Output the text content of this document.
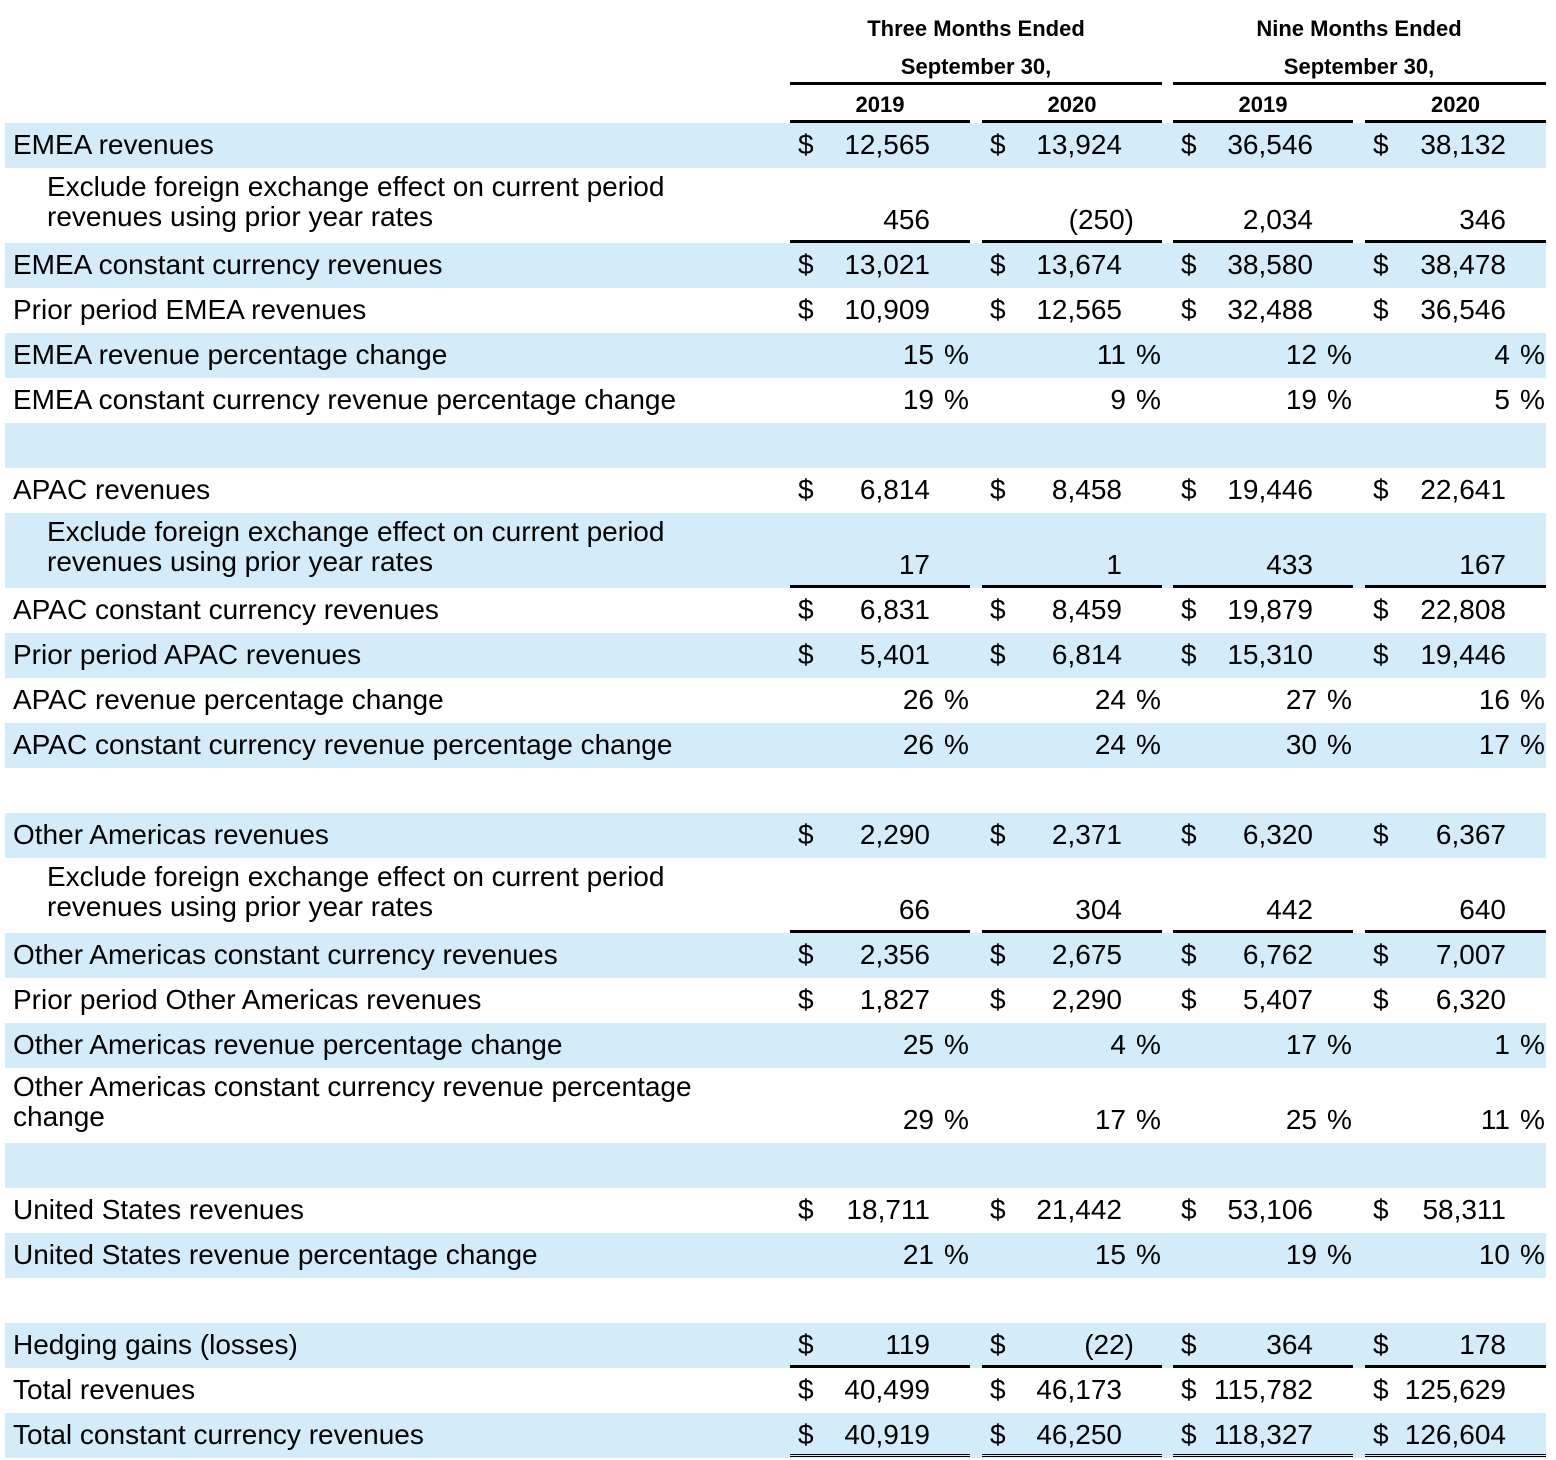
Three Months Ended
September 30,
Nine Months Ended
September 30,
2019	2020	2019	2020
EMEA revenues	$	12,565 $	13,924 $	36,546 $	38,132
Exclude foreign exchange effect on current period
revenues using prior year rates	456	(250)	2,034	346
EMEA constant currency revenues	$	13,021 $	13,674 $	38,580 $	38,478
Prior period EMEA revenues	$	10,909 $	12,565 $	32,488 $	36,546
EMEA revenue percentage change	15 %	11 %	12 %	4 %
EMEA constant currency revenue percentage change	19 %	9 %	19 %	5 %
APAC revenues	$	6,814 $	8,458 $	19,446 $	22,641
Exclude foreign exchange effect on current period
revenues using prior year rates	17	1	433	167
APAC constant currency revenues	$	6,831 $	8,459 $	19,879 $	22,808
Prior period APAC revenues	$	5,401 $	6,814 $	15,310 $	19,446
APAC revenue percentage change	26 %	24 %	27 %	16 %
APAC constant currency revenue percentage change	26 %	24 %	30 %	17 %
Other Americas revenues	$	2,290 $	2,371 $	6,320 $	6,367
Exclude foreign exchange effect on current period
revenues using prior year rates	66	304	442	640
Other Americas constant currency revenues	$	2,356 $	2,675 $	6,762 $	7,007
Prior period Other Americas revenues	$	1,827 $	2,290 $	5,407 $	6,320
Other Americas revenue percentage change	25 %	4 %	17 %	1 %
Other Americas constant currency revenue percentage
change	29 %	17 %	25 %	11 %
United States revenues	$	18,711 $	21,442 $	53,106 $	58,311
United States revenue percentage change	21 %	15 %	19 %	10 %
Hedging gains (losses)	$	119 $	(22) $	364 $	178
Total revenues	$	40,499 $	46,173 $ 115,782 $ 125,629
Total constant currency revenues	$	40,919 $	46,250 $ 118,327 $ 126,604
